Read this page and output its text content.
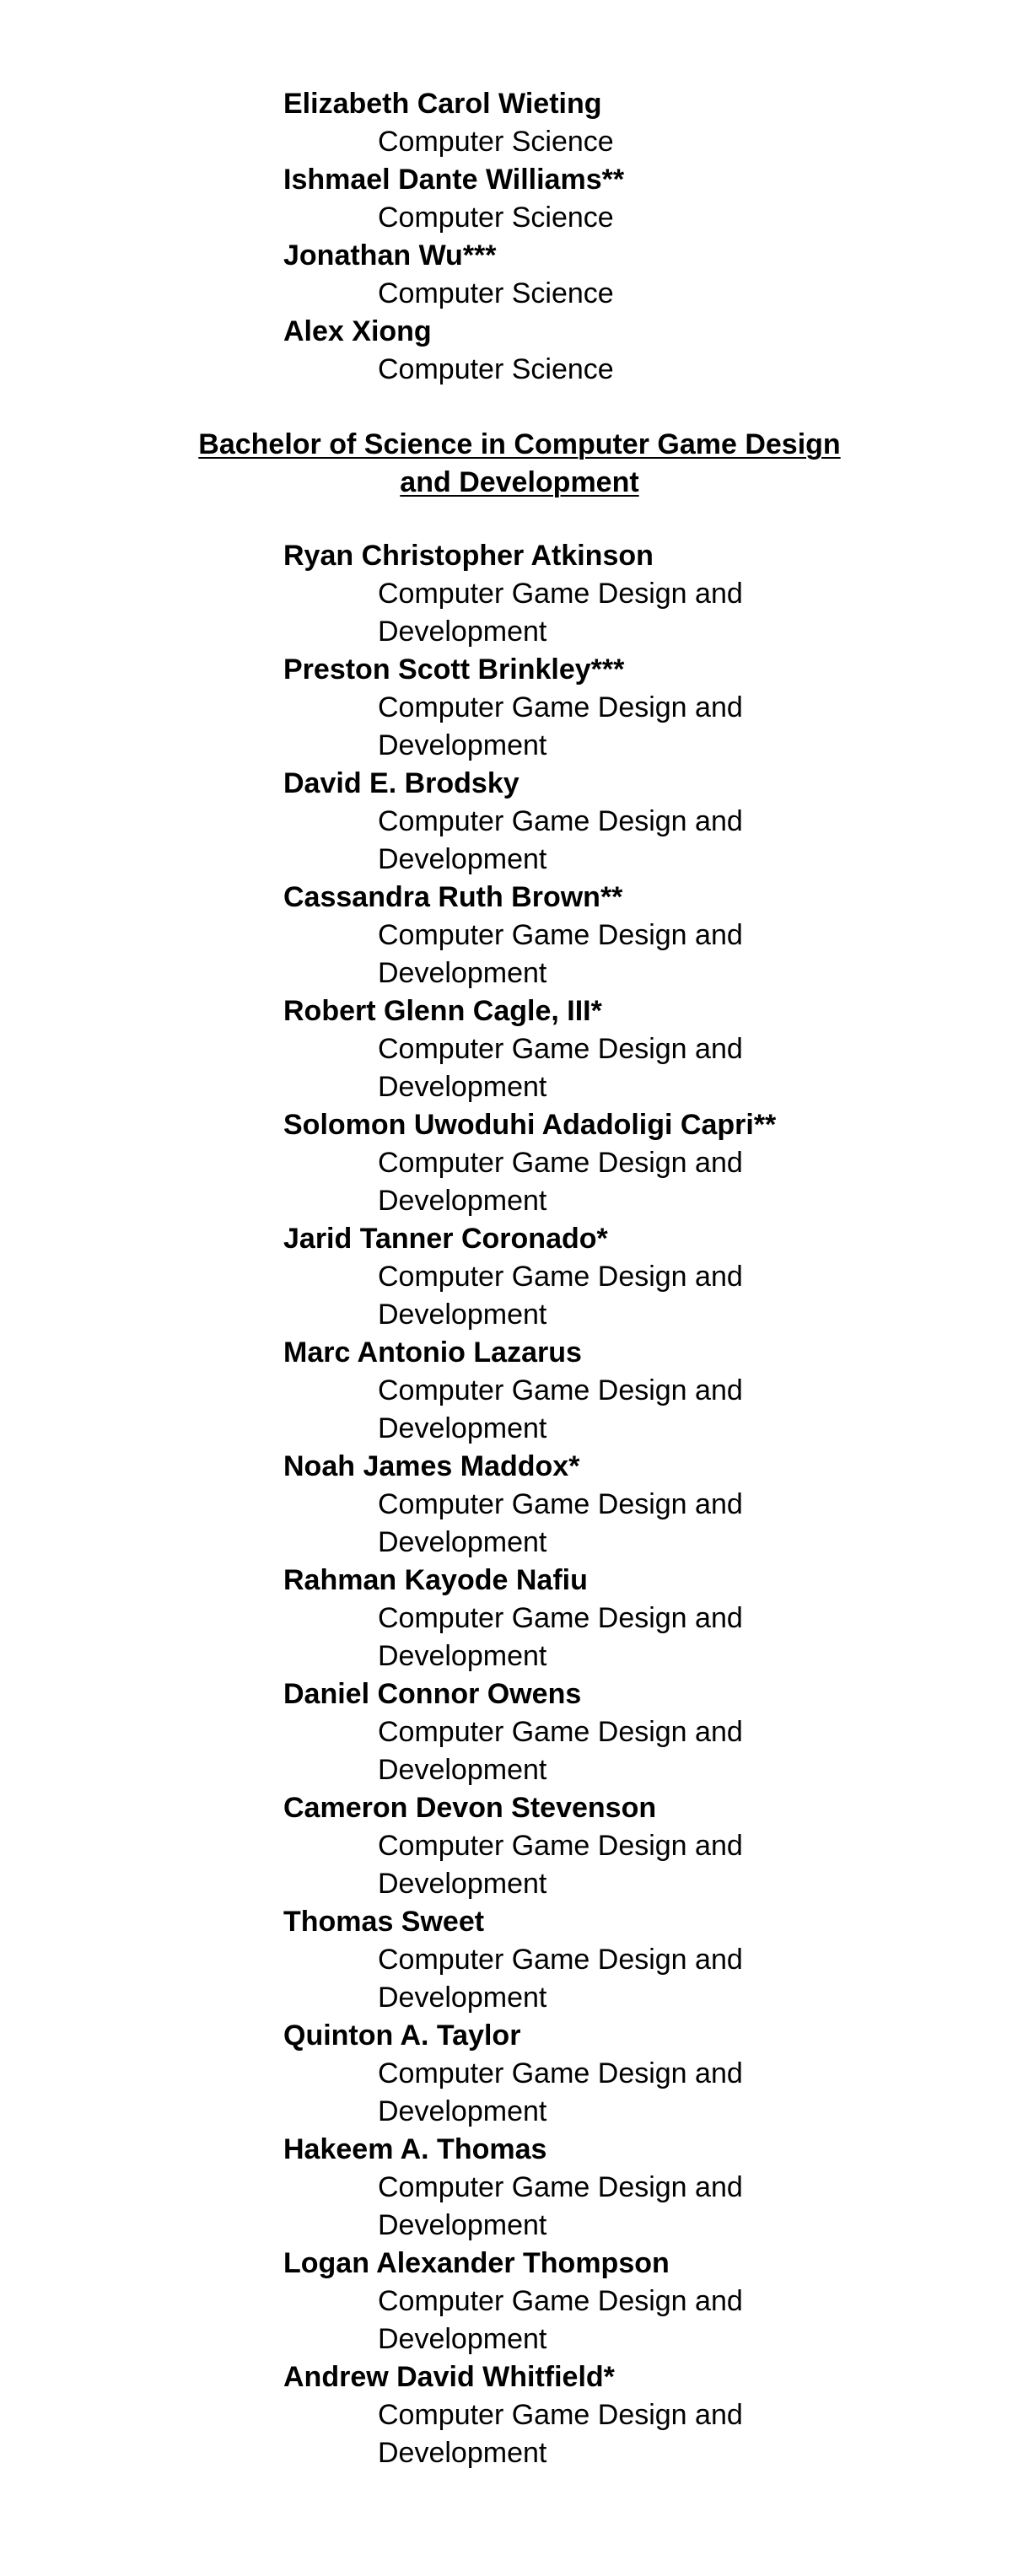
Elizabeth Carol Wieting
Computer Science
Ishmael Dante Williams**
Computer Science
Jonathan Wu***
Computer Science
Alex Xiong
Computer Science
Bachelor of Science in Computer Game Design
and Development
Ryan Christopher Atkinson
Computer Game Design and
Development
Preston Scott Brinkley***
Computer Game Design and
Development
David E. Brodsky
Computer Game Design and
Development
Cassandra Ruth Brown**
Computer Game Design and
Development
Robert Glenn Cagle, III*
Computer Game Design and
Development
Solomon Uwoduhi Adadoligi Capri**
Computer Game Design and
Development
Jarid Tanner Coronado*
Computer Game Design and
Development
Marc Antonio Lazarus
Computer Game Design and
Development
Noah James Maddox*
Computer Game Design and
Development
Rahman Kayode Nafiu
Computer Game Design and
Development
Daniel Connor Owens
Computer Game Design and
Development
Cameron Devon Stevenson
Computer Game Design and
Development
Thomas Sweet
Computer Game Design and
Development
Quinton A. Taylor
Computer Game Design and
Development
Hakeem A. Thomas
Computer Game Design and
Development
Logan Alexander Thompson
Computer Game Design and
Development
Andrew David Whitfield*
Computer Game Design and
Development
